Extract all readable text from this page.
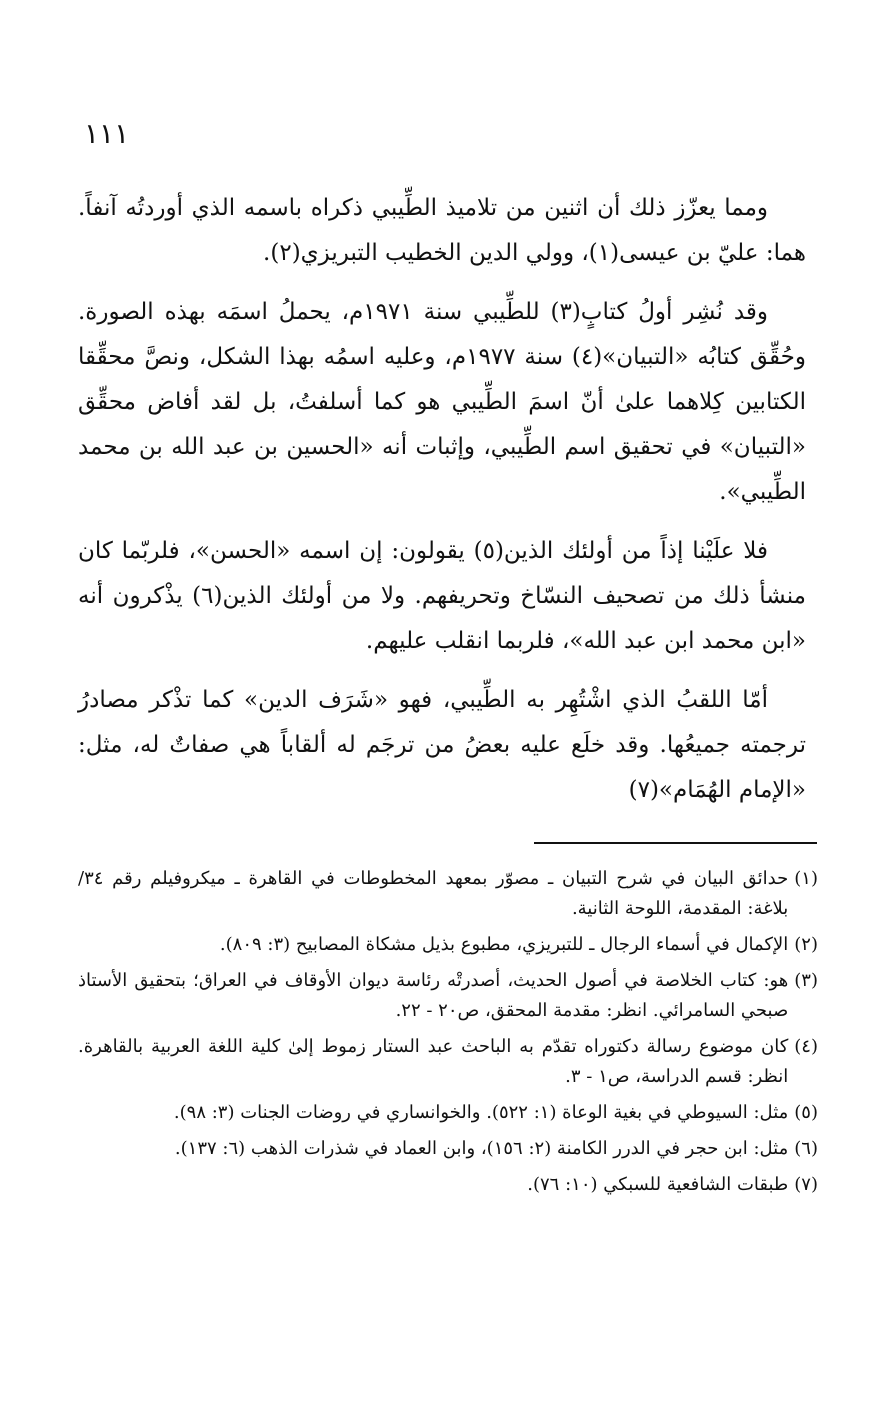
١١١

ومما يعزّز ذلك أن اثنين من تلاميذ الطِّيبي ذكراه باسمه الذي أوردتُه آنفاً. هما: عليّ بن عيسى(١)، وولي الدين الخطيب التبريزي(٢).

وقد نُشِر أولُ كتابٍ(٣) للطِّيبي سنة ١٩٧١م، يحملُ اسمَه بهذه الصورة. وحُقِّق كتابُه «التبيان»(٤) سنة ١٩٧٧م، وعليه اسمُه بهذا الشكل، ونصَّ محقِّقا الكتابين كِلاهما علىٰ أنّ اسمَ الطِّيبي هو كما أسلفتُ، بل لقد أفاض محقِّق «التبيان» في تحقيق اسم الطِّيبي، وإثبات أنه «الحسين بن عبد الله بن محمد الطِّيبي».

فلا علَيْنا إذاً من أولئك الذين(٥) يقولون: إن اسمه «الحسن»، فلربّما كان منشأ ذلك من تصحيف النسّاخ وتحريفهم. ولا من أولئك الذين(٦) يذْكرون أنه «ابن محمد ابن عبد الله»، فلربما انقلب عليهم.

أمّا اللقبُ الذي اشْتُهِر به الطِّيبي، فهو «شَرَف الدين» كما تذْكر مصادرُ ترجمته جميعُها. وقد خلَع عليه بعضُ من ترجَم له ألقاباً هي صفاتٌ له، مثل: «الإمام الهُمَام»(٧)

(١)
حدائق البيان في شرح التبيان ـ مصوّر بمعهد المخطوطات في القاهرة ـ ميكروفيلم رقم ٣٤/ بلاغة: المقدمة، اللوحة الثانية.
(٢)
الإكمال في أسماء الرجال ـ للتبريزي، مطبوع بذيل مشكاة المصابيح (٣: ٨٠٩).
(٣)
هو: كتاب الخلاصة في أصول الحديث، أصدرتْه رئاسة ديوان الأوقاف في العراق؛ بتحقيق الأستاذ صبحي السامرائي. انظر: مقدمة المحقق، ص٢٠ - ٢٢.
(٤)
كان موضوع رسالة دكتوراه تقدّم به الباحث عبد الستار زموط إلىٰ كلية اللغة العربية بالقاهرة. انظر: قسم الدراسة، ص١ - ٣.
(٥)
مثل: السيوطي في بغية الوعاة (١: ٥٢٢). والخوانساري في روضات الجنات (٣: ٩٨).
(٦)
مثل: ابن حجر في الدرر الكامنة (٢: ١٥٦)، وابن العماد في شذرات الذهب (٦: ١٣٧).
(٧)
طبقات الشافعية للسبكي (١٠: ٧٦).
